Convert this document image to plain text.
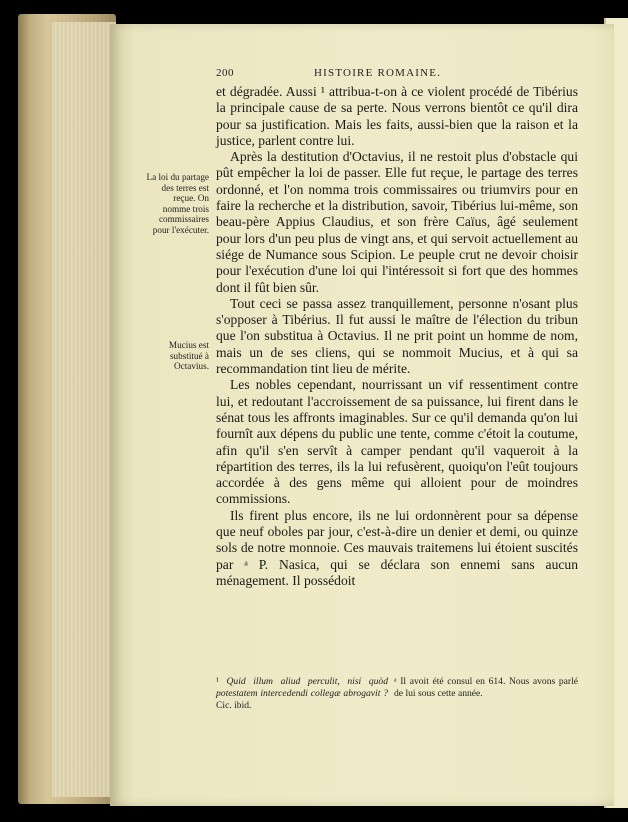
200	HISTOIRE ROMAINE.
La loi du partage des terres est reçue. On nomme trois commissaires pour l'exécuter.
Mucius est substitué à Octavius.

et dégradée. Aussi ¹ attribua-t-on à ce violent procédé de Tibérius la principale cause de sa perte. Nous verrons bientôt ce qu'il dira pour sa justification. Mais les faits, aussi-bien que la raison et la justice, parlent contre lui.

Après la destitution d'Octavius, il ne restoit plus d'obstacle qui pût empêcher la loi de passer. Elle fut reçue, le partage des terres ordonné, et l'on nomma trois commissaires ou triumvirs pour en faire la recherche et la distribution, savoir, Tibérius lui-même, son beau-père Appius Claudius, et son frère Caïus, âgé seulement pour lors d'un peu plus de vingt ans, et qui servoit actuellement au siége de Numance sous Scipion. Le peuple crut ne devoir choisir pour l'exécution d'une loi qui l'intéressoit si fort que des hommes dont il fût bien sûr.

Tout ceci se passa assez tranquillement, personne n'osant plus s'opposer à Tibérius. Il fut aussi le maître de l'élection du tribun que l'on substitua à Octavius. Il ne prit point un homme de nom, mais un de ses cliens, qui se nommoit Mucius, et à qui sa recommandation tint lieu de mérite.

Les nobles cependant, nourrissant un vif ressentiment contre lui, et redoutant l'accroissement de sa puissance, lui firent dans le sénat tous les affronts imaginables. Sur ce qu'il demanda qu'on lui fournît aux dépens du public une tente, comme c'étoit la coutume, afin qu'il s'en servît à camper pendant qu'il vaqueroit à la répartition des terres, ils la lui refusèrent, quoiqu'on l'eût toujours accordée à des gens même qui alloient pour de moindres commissions.

Ils firent plus encore, ils ne lui ordonnèrent pour sa dépense que neuf oboles par jour, c'est-à-dire un denier et demi, ou quinze sols de notre monnoie. Ces mauvais traitemens lui étoient suscités par ᵃ P. Nasica, qui se déclara son ennemi sans aucun ménagement. Il possédoit

¹ Quid illum aliud perculit, nisi quòd potestatem intercedendi collegæ abrogavit ? Cic. ibid.
ᵃ Il avoit été consul en 614. Nous avons parlé de lui sous cette année.
